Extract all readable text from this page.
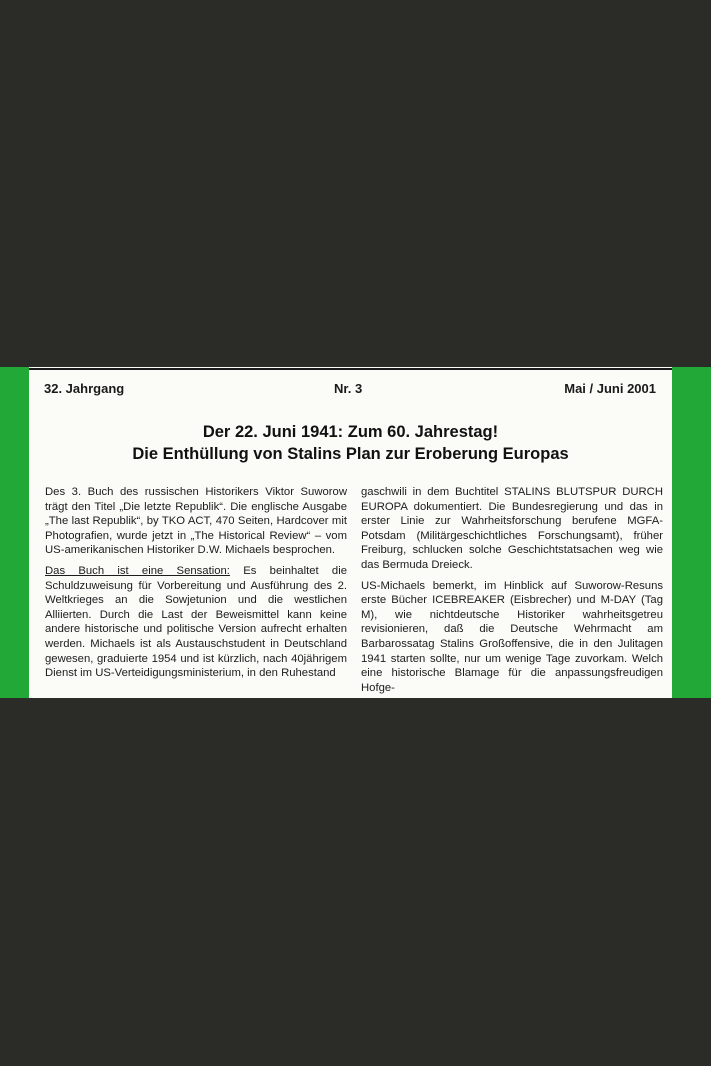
32. Jahrgang	Nr. 3	Mai / Juni 2001
Der 22. Juni 1941: Zum 60. Jahrestag!
Die Enthüllung von Stalins Plan zur Eroberung Europas

Des 3. Buch des russischen Historikers Viktor Suworow trägt den Titel „Die letzte Republik“. Die englische Ausgabe „The last Republik“, by TKO ACT, 470 Seiten, Hardcover mit Photografien, wurde jetzt in „The Historical Review“ – vom US-amerikanischen Historiker D.W. Michaels besprochen.

Das Buch ist eine Sensation: Es beinhaltet die Schuldzuweisung für Vorbereitung und Ausführung des 2. Weltkrieges an die Sowjetunion und die westlichen Alliierten. Durch die Last der Beweismittel kann keine andere historische und politische Version aufrecht erhalten werden. Michaels ist als Austauschstudent in Deutschland gewesen, graduierte 1954 und ist kürzlich, nach 40jährigem Dienst im US-Verteidigungsministerium, in den Ruhestand

gaschwili in dem Buchtitel STALINS BLUTSPUR DURCH EUROPA dokumentiert. Die Bundesregierung und das in erster Linie zur Wahrheitsforschung berufene MGFA-Potsdam (Militärgeschichtliches Forschungsamt), früher Freiburg, schlucken solche Geschichtstatsachen weg wie das Bermuda Dreieck.

US-Michaels bemerkt, im Hinblick auf Suworow-Resuns erste Bücher ICEBREAKER (Eisbrecher) und M-DAY (Tag M), wie nichtdeutsche Historiker wahrheitsgetreu revisionieren, daß die Deutsche Wehrmacht am Barbarossatag Stalins Großoffensive, die in den Julitagen 1941 starten sollte, nur um wenige Tage zuvorkam. Welch eine historische Blamage für die anpassungsfreudigen Hofge-
